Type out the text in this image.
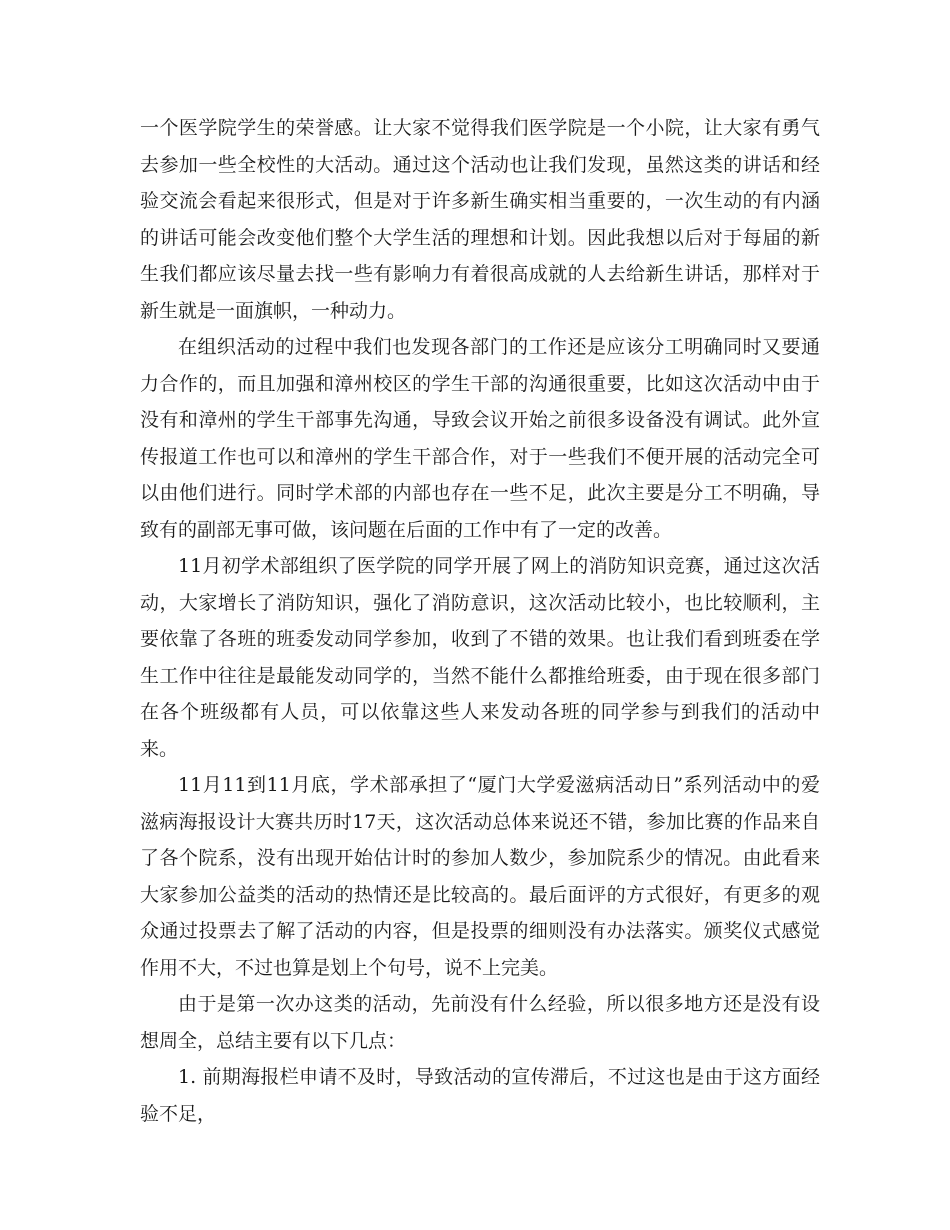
一个医学院学生的荣誉感。让大家不觉得我们医学院是一个小院，让大家有勇气去参加一些全校性的大活动。通过这个活动也让我们发现，虽然这类的讲话和经验交流会看起来很形式，但是对于许多新生确实相当重要的，一次生动的有内涵的讲话可能会改变他们整个大学生活的理想和计划。因此我想以后对于每届的新生我们都应该尽量去找一些有影响力有着很高成就的人去给新生讲话，那样对于新生就是一面旗帜，一种动力。

在组织活动的过程中我们也发现各部门的工作还是应该分工明确同时又要通力合作的，而且加强和漳州校区的学生干部的沟通很重要，比如这次活动中由于没有和漳州的学生干部事先沟通，导致会议开始之前很多设备没有调试。此外宣传报道工作也可以和漳州的学生干部合作，对于一些我们不便开展的活动完全可以由他们进行。同时学术部的内部也存在一些不足，此次主要是分工不明确，导致有的副部无事可做，该问题在后面的工作中有了一定的改善。

11月初学术部组织了医学院的同学开展了网上的消防知识竞赛，通过这次活动，大家增长了消防知识，强化了消防意识，这次活动比较小，也比较顺利，主要依靠了各班的班委发动同学参加，收到了不错的效果。也让我们看到班委在学生工作中往往是最能发动同学的，当然不能什么都推给班委，由于现在很多部门在各个班级都有人员，可以依靠这些人来发动各班的同学参与到我们的活动中来。

11月11到11月底，学术部承担了“厦门大学爱滋病活动日”系列活动中的爱滋病海报设计大赛共历时17天，这次活动总体来说还不错，参加比赛的作品来自了各个院系，没有出现开始估计时的参加人数少，参加院系少的情况。由此看来大家参加公益类的活动的热情还是比较高的。最后面评的方式很好，有更多的观众通过投票去了解了活动的内容，但是投票的细则没有办法落实。颁奖仪式感觉作用不大，不过也算是划上个句号，说不上完美。

由于是第一次办这类的活动，先前没有什么经验，所以很多地方还是没有设想周全，总结主要有以下几点：

1. 前期海报栏申请不及时，导致活动的宣传滞后，不过这也是由于这方面经验不足，
